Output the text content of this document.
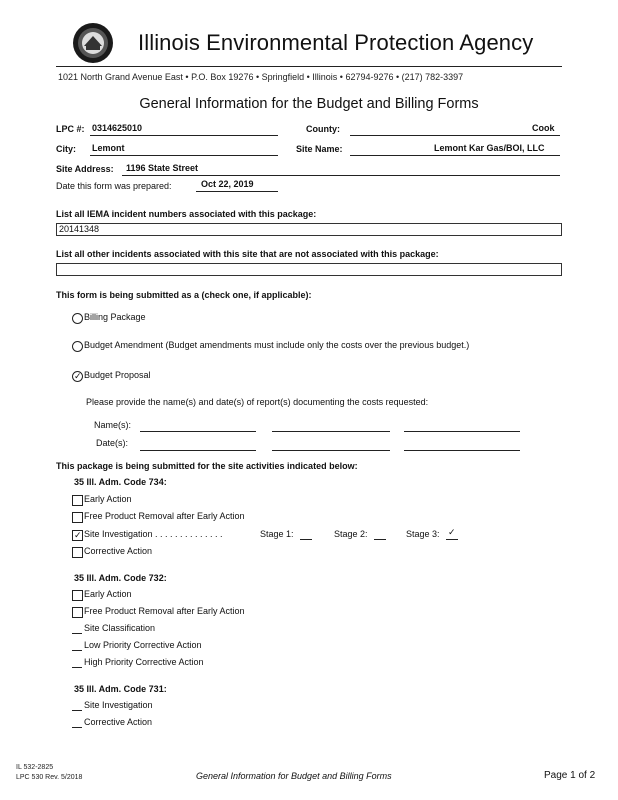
Illinois Environmental Protection Agency
1021 North Grand Avenue East • P.O. Box 19276 • Springfield • Illinois • 62794-9276 • (217) 782-3397
General Information for the Budget and Billing Forms
LPC #: 0314625010	County:	Cook
City: Lemont	Site Name:	Lemont Kar Gas/BOI, LLC
Site Address: 1196 State Street
Date this form was prepared:	Oct 22, 2019
List all IEMA incident numbers associated with this package:
20141348
List all other incidents associated with this site that are not associated with this package:
This form is being submitted as a (check one, if applicable):
Billing Package
Budget Amendment (Budget amendments must include only the costs over the previous budget.)
✓ Budget Proposal
Please provide the name(s) and date(s) of report(s) documenting the costs requested:
Name(s):
Date(s):
This package is being submitted for the site activities indicated below:
35 Ill. Adm. Code 734:
Early Action
Free Product Removal after Early Action
✓ Site Investigation . . . . . . . . . . . . . .	Stage 1:	Stage 2:	Stage 3: ✓
Corrective Action
35 Ill. Adm. Code 732:
Early Action
Free Product Removal after Early Action
Site Classification
Low Priority Corrective Action
High Priority Corrective Action
35 Ill. Adm. Code 731:
Site Investigation
Corrective Action
IL 532-2825
LPC 530 Rev. 5/2018	General Information for Budget and Billing Forms	Page 1 of 2
